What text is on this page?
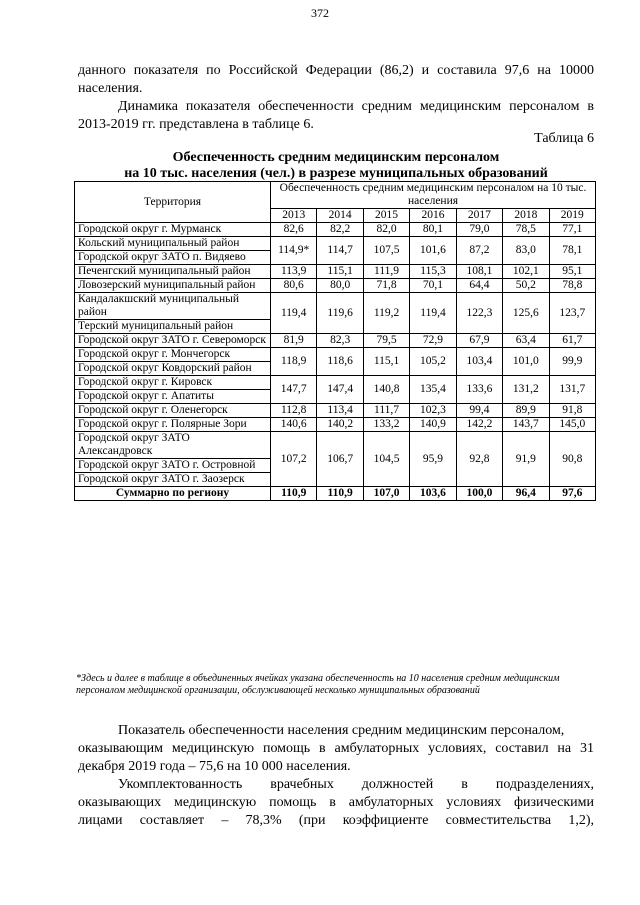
372

данного показателя по Российской Федерации (86,2) и составила 97,6 на 10000

населения.

Динамика показателя обеспеченности средним медицинским персоналом в

2013-2019 гг. представлена в таблице 6.

Таблица 6
Обеспеченность средним медицинским персоналом
на 10 тыс. населения (чел.) в разрезе муниципальных образований
Территория	Обеспеченность средним медицинским персоналом на 10 тыс. населения						
	2013	2014	2015	2016	2017	2018	2019
Городской округ г. Мурманск	82,6	82,2	82,0	80,1	79,0	78,5	77,1
Кольский муниципальный район	114,9*	114,7	107,5	101,6	87,2	83,0	78,1
Городской округ ЗАТО п. Видяево							
Печенгский муниципальный район	113,9	115,1	111,9	115,3	108,1	102,1	95,1
Ловозерский муниципальный район	80,6	80,0	71,8	70,1	64,4	50,2	78,8
Кандалакшский муниципальный район	119,4	119,6	119,2	119,4	122,3	125,6	123,7
Терский муниципальный район							
Городской округ ЗАТО г. Североморск	81,9	82,3	79,5	72,9	67,9	63,4	61,7
Городской округ г. Мончегорск	118,9	118,6	115,1	105,2	103,4	101,0	99,9
Городской округ Ковдорский район							
Городской округ г. Кировск	147,7	147,4	140,8	135,4	133,6	131,2	131,7
Городской округ г. Апатиты							
Городской округ г. Оленегорск	112,8	113,4	111,7	102,3	99,4	89,9	91,8
Городской округ г. Полярные Зори	140,6	140,2	133,2	140,9	142,2	143,7	145,0
Городской округ ЗАТО Александровск	107,2	106,7	104,5	95,9	92,8	91,9	90,8
Городской округ ЗАТО г. Островной							
Городской округ ЗАТО г. Заозерск							
Суммарно по региону	110,9	110,9	107,0	103,6	100,0	96,4	97,6
*Здесь и далее в таблице в объединенных ячейках указана обеспеченность на 10 населения средним медицинским персоналом медицинской организации, обслуживающей несколько муниципальных образований

Показатель обеспеченности населения средним медицинским персоналом,

оказывающим медицинскую помощь в амбулаторных условиях, составил на 31

декабря 2019 года – 75,6 на 10 000 населения.

Укомплектованность врачебных должностей в подразделениях,

оказывающих медицинскую помощь в амбулаторных условиях физическими

лицами составляет – 78,3% (при коэффициенте совместительства 1,2),
